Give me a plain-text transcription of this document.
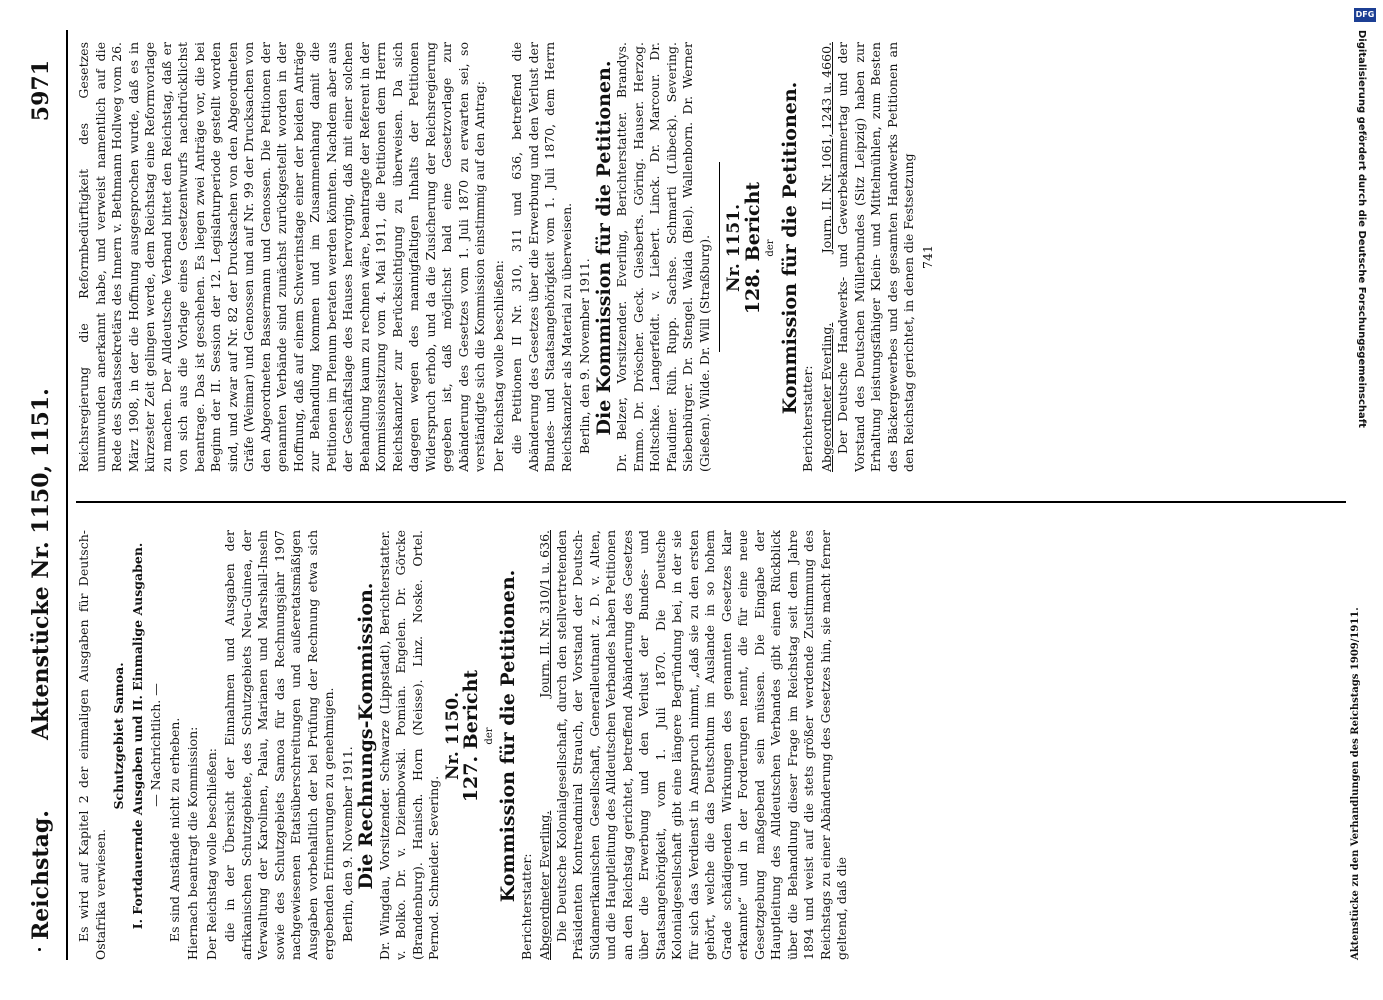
DFG
Digitalisierung gefördert durch die Deutsche Forschungsgemeinschaft
Reichstag.
Aktenstücke Nr. 1150, 1151.
5971

Es wird auf Kapitel 2 der einmaligen Ausgaben für Deutsch-Ostafrika verwiesen.

Schutzgebiet Samoa. I. Fortdauernde Ausgaben und II. Einmalige Ausgaben. — Nachrichtlich. — Es sind Anstände nicht zu erheben. Hiernach beantragt die Kommission: Der Reichstag wolle beschließen: die in der Übersicht der Einnahmen und Ausgaben der afrikanischen Schutzgebiete, des Schutzgebiets Neu-Guinea, der Verwaltung der Karolinen, Palau, Marianen und Marshall-Inseln sowie des Schutzgebiets Samoa für das Rechnungsjahr 1907 nachgewiesenen Etatsüberschreitungen und außeretatsmäßigen Ausgaben vorbehaltlich der bei Prüfung der Rechnung etwa sich ergebenden Erinnerungen zu genehmigen. Berlin, den 9. November 1911. Die Rechnungs-Kommission. Dr. Wingdau, Vorsitzender. Schwarze (Lippstadt), Berichterstatter. v. Bolko. Dr. v. Dziembowski. Pomian. Engelen. Dr. Görcke (Brandenburg). Hanisch. Horn (Neisse). Linz. Noske. Ortel. Pernod. Schneider. Severing.

Nr. 1150.

127. Bericht der Kommission für die Petitionen.

Berichterstatter: Abgeordneter Everling.
Journ. II. Nr. 310/1 u. 636. Die Deutsche Kolonialgesellschaft, durch den stellvertretenden Präsidenten Kontreadmiral Strauch, der Vorstand der Deutsch-Südamerikanischen Gesellschaft, Generalleutnant z. D. v. Alten, und die Hauptleitung des Alldeutschen Verbandes haben Petitionen an den Reichstag gerichtet, betreffend Abänderung des Gesetzes über die Erwerbung und den Verlust der Bundes- und Staatsangehörigkeit, vom 1. Juli 1870. Die Deutsche Kolonialgesellschaft gibt eine längere Begründung bei, in der sie für sich das Verdienst in Anspruch nimmt, „daß sie zu den ersten gehört, welche die das Deutschtum im Auslande in so hohem Grade schädigenden Wirkungen des genannten Gesetzes klar erkannte“ und in der Forderungen nennt, die für eine neue Gesetzgebung maßgebend sein müssen. Die Eingabe der Hauptleitung des Alldeutschen Verbandes gibt einen Rückblick über die Behandlung dieser Frage im Reichstag seit dem Jahre 1894 und weist auf die stets größer werdende Zustimmung des Reichstags zu einer Abänderung des Gesetzes hin, sie macht ferner geltend, daß die

Reichsregierung die Reformbedürftigkeit des Gesetzes unumwunden anerkannt habe, und verweist namentlich auf die Rede des Staatssekretärs des Innern v. Bethmann Hollweg vom 26. März 1908, in der die Hoffnung ausgesprochen wurde, daß es in kürzester Zeit gelingen werde, dem Reichstag eine Reformvorlage zu machen. Der Alldeutsche Verband bittet den Reichstag, daß er von sich aus die Vorlage eines Gesetzentwurfs nachdrücklichst beantrage. Das ist geschehen. Es liegen zwei Anträge vor, die bei Beginn der II. Session der 12. Legislaturperiode gestellt worden sind, und zwar auf Nr. 82 der Drucksachen von den Abgeordneten Gräfe (Weimar) und Genossen und auf Nr. 99 der Drucksachen von den Abgeordneten Bassermann und Genossen. Die Petitionen der genannten Verbände sind zunächst zurückgestellt worden in der Hoffnung, daß auf einem Schwerinstage einer der beiden Anträge zur Behandlung kommen und im Zusammenhang damit die Petitionen im Plenum beraten werden könnten. Nachdem aber aus der Geschäftslage des Hauses hervorging, daß mit einer solchen Behandlung kaum zu rechnen wäre, beantragte der Referent in der Kommissionssitzung vom 4. Mai 1911, die Petitionen dem Herrn Reichskanzler zur Berücksichtigung zu überweisen. Da sich dagegen wegen des mannigfaltigen Inhalts der Petitionen Widerspruch erhob, und da die Zusicherung der Reichsregierung gegeben ist, daß möglichst bald eine Gesetzvorlage zur Abänderung des Gesetzes vom 1. Juli 1870 zu erwarten sei, so verständigte sich die Kommission einstimmig auf den Antrag: Der Reichstag wolle beschließen: die Petitionen II Nr. 310, 311 und 636, betreffend die Abänderung des Gesetzes über die Erwerbung und den Verlust der Bundes- und Staatsangehörigkeit vom 1. Juli 1870, dem Herrn Reichskanzler als Material zu überweisen. Berlin, den 9. November 1911. Die Kommission für die Petitionen. Dr. Belzer, Vorsitzender. Everling, Berichterstatter. Brandys. Emmo. Dr. Dröscher. Geck. Giesberts. Göring. Hauser. Herzog. Holtschke. Langerfeldt. v. Liebert. Linck. Dr. Marcour. Dr. Pfaudiner. Rüh. Rupp. Sachse. Schmarti (Lübeck). Severing. Siebenbürger. Dr. Stengel. Waida (Biel). Wallenborn. Dr. Werner (Gießen). Wilde. Dr. Will (Straßburg). Nr. 1151.

128. Bericht der Kommission für die Petitionen.

Berichterstatter: Abgeordneter Everling.
Journ. II. Nr. 1061, 1243 u. 4660. Der Deutsche Handwerks- und Gewerbekammertag und der Vorstand des Deutschen Müllerbundes (Sitz Leipzig) haben zur Erhaltung leistungsfähiger Klein- und Mittelmühlen, zum Besten des Bäckergewerbes und des gesamten Handwerks Petitionen an den Reichstag gerichtet, in denen die Festsetzung 741

Aktenstücke zu den Verhandlungen des Reichstags 1909/1911.
